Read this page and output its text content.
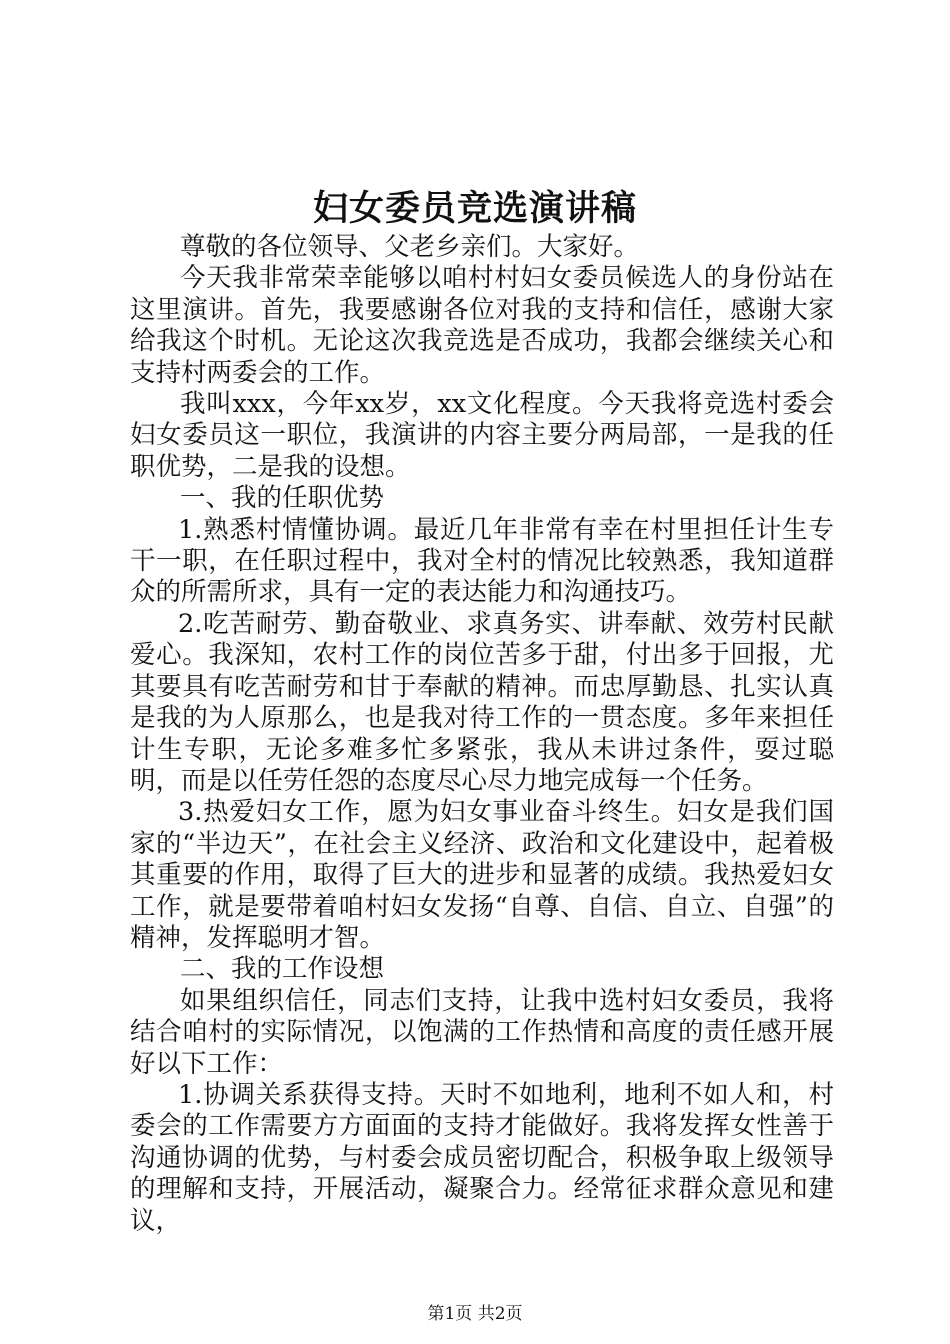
妇女委员竞选演讲稿

尊敬的各位领导、父老乡亲们。大家好。

今天我非常荣幸能够以咱村村妇女委员候选人的身份站在这里演讲。首先，我要感谢各位对我的支持和信任，感谢大家给我这个时机。无论这次我竞选是否成功，我都会继续关心和支持村两委会的工作。

我叫xxx，今年xx岁，xx文化程度。今天我将竞选村委会妇女委员这一职位，我演讲的内容主要分两局部，一是我的任职优势，二是我的设想。

一、我的任职优势

1.熟悉村情懂协调。最近几年非常有幸在村里担任计生专干一职，在任职过程中，我对全村的情况比较熟悉，我知道群众的所需所求，具有一定的表达能力和沟通技巧。

2.吃苦耐劳、勤奋敬业、求真务实、讲奉献、效劳村民献爱心。我深知，农村工作的岗位苦多于甜，付出多于回报，尤其要具有吃苦耐劳和甘于奉献的精神。而忠厚勤恳、扎实认真是我的为人原那么，也是我对待工作的一贯态度。多年来担任计生专职，无论多难多忙多紧张，我从未讲过条件，耍过聪明，而是以任劳任怨的态度尽心尽力地完成每一个任务。

3.热爱妇女工作，愿为妇女事业奋斗终生。妇女是我们国家的“半边天”，在社会主义经济、政治和文化建设中，起着极其重要的作用，取得了巨大的进步和显著的成绩。我热爱妇女工作，就是要带着咱村妇女发扬“自尊、自信、自立、自强”的精神，发挥聪明才智。

二、我的工作设想

如果组织信任，同志们支持，让我中选村妇女委员，我将结合咱村的实际情况，以饱满的工作热情和高度的责任感开展好以下工作：

1.协调关系获得支持。天时不如地利，地利不如人和，村委会的工作需要方方面面的支持才能做好。我将发挥女性善于沟通协调的优势，与村委会成员密切配合，积极争取上级领导的理解和支持，开展活动，凝聚合力。经常征求群众意见和建议，

第1页 共2页
